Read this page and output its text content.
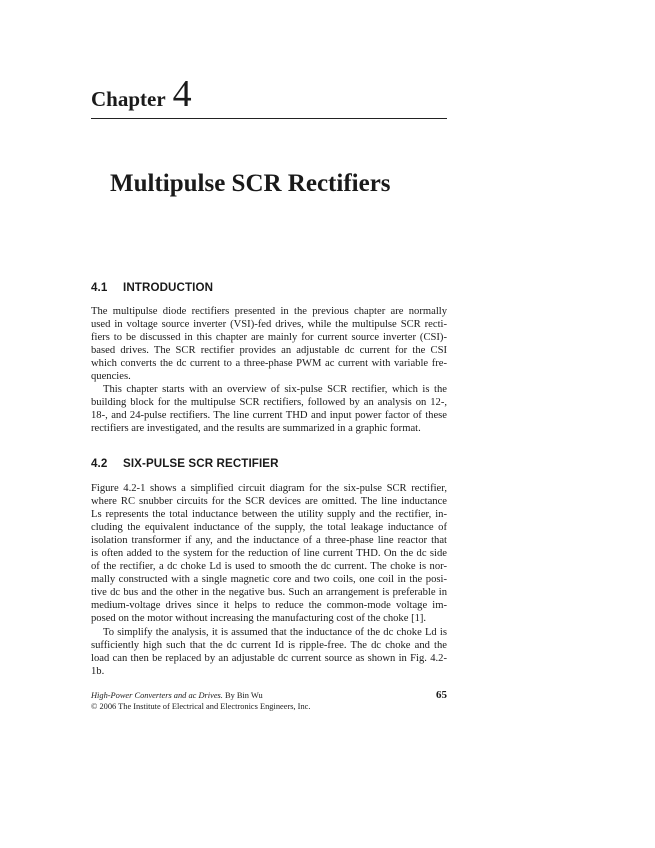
Chapter 4
Multipulse SCR Rectifiers
4.1 INTRODUCTION
The multipulse diode rectifiers presented in the previous chapter are normally
used in voltage source inverter (VSI)-fed drives, while the multipulse SCR recti-
fiers to be discussed in this chapter are mainly for current source inverter (CSI)-
based drives. The SCR rectifier provides an adjustable dc current for the CSI
which converts the dc current to a three-phase PWM ac current with variable fre-
quencies.
This chapter starts with an overview of six-pulse SCR rectifier, which is the
building block for the multipulse SCR rectifiers, followed by an analysis on 12-,
18-, and 24-pulse rectifiers. The line current THD and input power factor of these
rectifiers are investigated, and the results are summarized in a graphic format.
4.2 SIX-PULSE SCR RECTIFIER
Figure 4.2-1 shows a simplified circuit diagram for the six-pulse SCR rectifier,
where RC snubber circuits for the SCR devices are omitted. The line inductance
Ls represents the total inductance between the utility supply and the rectifier, in-
cluding the equivalent inductance of the supply, the total leakage inductance of
isolation transformer if any, and the inductance of a three-phase line reactor that
is often added to the system for the reduction of line current THD. On the dc side
of the rectifier, a dc choke Ld is used to smooth the dc current. The choke is nor-
mally constructed with a single magnetic core and two coils, one coil in the posi-
tive dc bus and the other in the negative bus. Such an arrangement is preferable in
medium-voltage drives since it helps to reduce the common-mode voltage im-
posed on the motor without increasing the manufacturing cost of the choke [1].
To simplify the analysis, it is assumed that the inductance of the dc choke Ld is
sufficiently high such that the dc current Id is ripple-free. The dc choke and the
load can then be replaced by an adjustable dc current source as shown in Fig. 4.2-
1b.
High-Power Converters and ac Drives. By Bin Wu
© 2006 The Institute of Electrical and Electronics Engineers, Inc.
65
